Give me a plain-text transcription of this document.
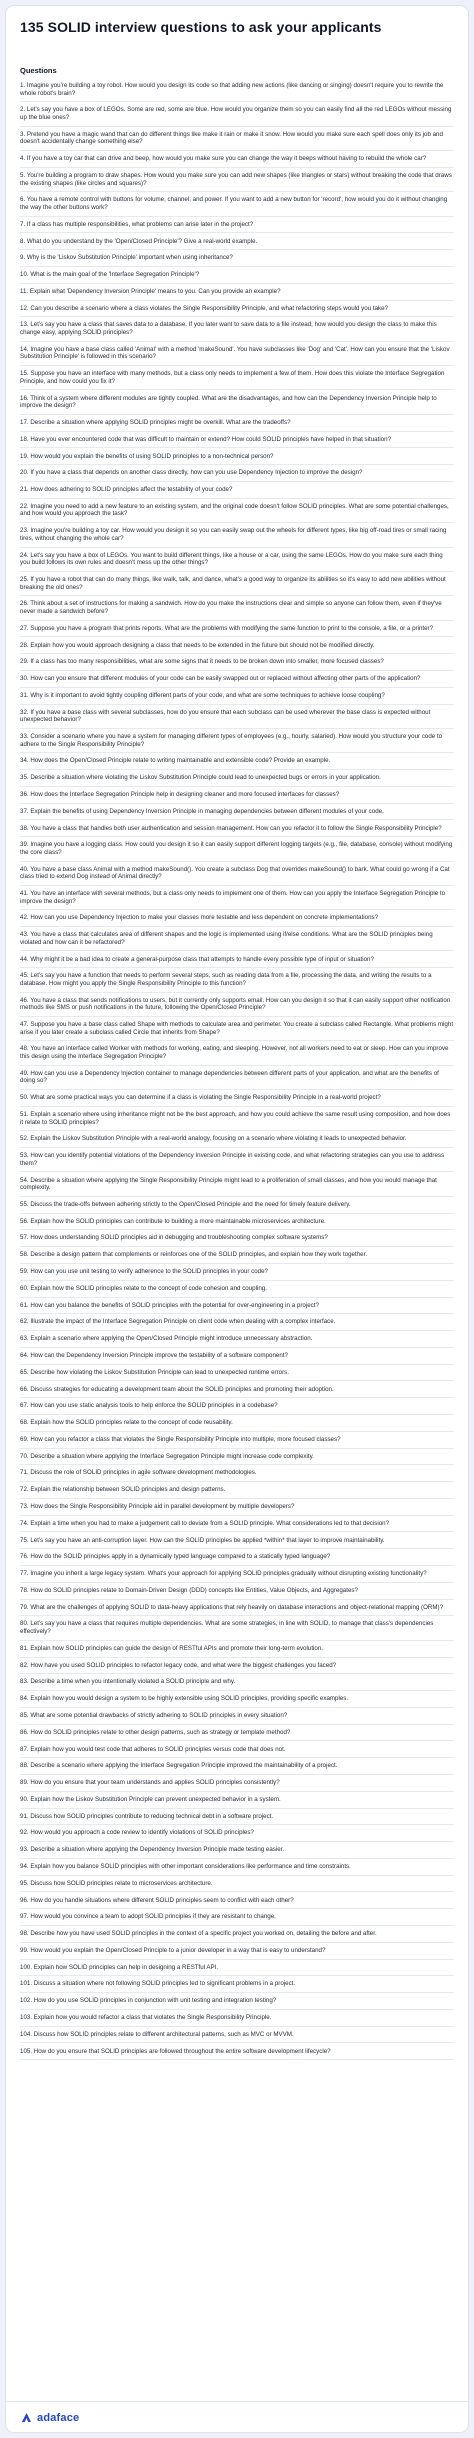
135 SOLID interview questions to ask your applicants
Questions
1. Imagine you're building a toy robot. How would you design its code so that adding new actions (like dancing or singing) doesn't require you to rewrite the whole robot's brain?
2. Let's say you have a box of LEGOs. Some are red, some are blue. How would you organize them so you can easily find all the red LEGOs without messing up the blue ones?
3. Pretend you have a magic wand that can do different things like make it rain or make it snow. How would you make sure each spell does only its job and doesn't accidentally change something else?
4. If you have a toy car that can drive and beep, how would you make sure you can change the way it beeps without having to rebuild the whole car?
5. You're building a program to draw shapes. How would you make sure you can add new shapes (like triangles or stars) without breaking the code that draws the existing shapes (like circles and squares)?
6. You have a remote control with buttons for volume, channel, and power. If you want to add a new button for 'record', how would you do it without changing the way the other buttons work?
7. If a class has multiple responsibilities, what problems can arise later in the project?
8. What do you understand by the 'Open/Closed Principle'? Give a real-world example.
9. Why is the 'Liskov Substitution Principle' important when using inheritance?
10. What is the main goal of the 'Interface Segregation Principle'?
11. Explain what 'Dependency Inversion Principle' means to you. Can you provide an example?
12. Can you describe a scenario where a class violates the Single Responsibility Principle, and what refactoring steps would you take?
13. Let's say you have a class that saves data to a database. If you later want to save data to a file instead, how would you design the class to make this change easy, applying SOLID principles?
14. Imagine you have a base class called 'Animal' with a method 'makeSound'. You have subclasses like 'Dog' and 'Cat'. How can you ensure that the 'Liskov Substitution Principle' is followed in this scenario?
15. Suppose you have an interface with many methods, but a class only needs to implement a few of them. How does this violate the Interface Segregation Principle, and how could you fix it?
16. Think of a system where different modules are tightly coupled. What are the disadvantages, and how can the Dependency Inversion Principle help to improve the design?
17. Describe a situation where applying SOLID principles might be overkill. What are the tradeoffs?
18. Have you ever encountered code that was difficult to maintain or extend? How could SOLID principles have helped in that situation?
19. How would you explain the benefits of using SOLID principles to a non-technical person?
20. If you have a class that depends on another class directly, how can you use Dependency Injection to improve the design?
21. How does adhering to SOLID principles affect the testability of your code?
22. Imagine you need to add a new feature to an existing system, and the original code doesn't follow SOLID principles. What are some potential challenges, and how would you approach the task?
23. Imagine you're building a toy car. How would you design it so you can easily swap out the wheels for different types, like big off-road tires or small racing tires, without changing the whole car?
24. Let's say you have a box of LEGOs. You want to build different things, like a house or a car, using the same LEGOs. How do you make sure each thing you build follows its own rules and doesn't mess up the other things?
25. If you have a robot that can do many things, like walk, talk, and dance, what's a good way to organize its abilities so it's easy to add new abilities without breaking the old ones?
26. Think about a set of instructions for making a sandwich. How do you make the instructions clear and simple so anyone can follow them, even if they've never made a sandwich before?
27. Suppose you have a program that prints reports. What are the problems with modifying the same function to print to the console, a file, or a printer?
28. Explain how you would approach designing a class that needs to be extended in the future but should not be modified directly.
29. If a class has too many responsibilities, what are some signs that it needs to be broken down into smaller, more focused classes?
30. How can you ensure that different modules of your code can be easily swapped out or replaced without affecting other parts of the application?
31. Why is it important to avoid tightly coupling different parts of your code, and what are some techniques to achieve loose coupling?
32. If you have a base class with several subclasses, how do you ensure that each subclass can be used wherever the base class is expected without unexpected behavior?
33. Consider a scenario where you have a system for managing different types of employees (e.g., hourly, salaried). How would you structure your code to adhere to the Single Responsibility Principle?
34. How does the Open/Closed Principle relate to writing maintainable and extensible code? Provide an example.
35. Describe a situation where violating the Liskov Substitution Principle could lead to unexpected bugs or errors in your application.
36. How does the Interface Segregation Principle help in designing cleaner and more focused interfaces for classes?
37. Explain the benefits of using Dependency Inversion Principle in managing dependencies between different modules of your code.
38. You have a class that handles both user authentication and session management. How can you refactor it to follow the Single Responsibility Principle?
39. Imagine you have a logging class. How could you design it so it can easily support different logging targets (e.g., file, database, console) without modifying the core class?
40. You have a base class Animal with a method makeSound(). You create a subclass Dog that overrides makeSound() to bark. What could go wrong if a Cat class tried to extend Dog instead of Animal directly?
41. You have an interface with several methods, but a class only needs to implement one of them. How can you apply the Interface Segregation Principle to improve the design?
42. How can you use Dependency Injection to make your classes more testable and less dependent on concrete implementations?
43. You have a class that calculates area of different shapes and the logic is implemented using if/else conditions. What are the SOLID principles being violated and how can it be refactored?
44. Why might it be a bad idea to create a general-purpose class that attempts to handle every possible type of input or situation?
45. Let's say you have a function that needs to perform several steps, such as reading data from a file, processing the data, and writing the results to a database. How might you apply the Single Responsibility Principle to this function?
46. You have a class that sends notifications to users, but it currently only supports email. How can you design it so that it can easily support other notification methods like SMS or push notifications in the future, following the Open/Closed Principle?
47. Suppose you have a base class called Shape with methods to calculate area and perimeter. You create a subclass called Rectangle. What problems might arise if you later create a subclass called Circle that inherits from Shape?
48. You have an interface called Worker with methods for working, eating, and sleeping. However, not all workers need to eat or sleep. How can you improve this design using the Interface Segregation Principle?
49. How can you use a Dependency Injection container to manage dependencies between different parts of your application, and what are the benefits of doing so?
50. What are some practical ways you can determine if a class is violating the Single Responsibility Principle in a real-world project?
51. Explain a scenario where using inheritance might not be the best approach, and how you could achieve the same result using composition, and how does it relate to SOLID principles?
52. Explain the Liskov Substitution Principle with a real-world analogy, focusing on a scenario where violating it leads to unexpected behavior.
53. How can you identify potential violations of the Dependency Inversion Principle in existing code, and what refactoring strategies can you use to address them?
54. Describe a situation where applying the Single Responsibility Principle might lead to a proliferation of small classes, and how you would manage that complexity.
55. Discuss the trade-offs between adhering strictly to the Open/Closed Principle and the need for timely feature delivery.
56. Explain how the SOLID principles can contribute to building a more maintainable microservices architecture.
57. How does understanding SOLID principles aid in debugging and troubleshooting complex software systems?
58. Describe a design pattern that complements or reinforces one of the SOLID principles, and explain how they work together.
59. How can you use unit testing to verify adherence to the SOLID principles in your code?
60. Explain how the SOLID principles relate to the concept of code cohesion and coupling.
61. How can you balance the benefits of SOLID principles with the potential for over-engineering in a project?
62. Illustrate the impact of the Interface Segregation Principle on client code when dealing with a complex interface.
63. Explain a scenario where applying the Open/Closed Principle might introduce unnecessary abstraction.
64. How can the Dependency Inversion Principle improve the testability of a software component?
65. Describe how violating the Liskov Substitution Principle can lead to unexpected runtime errors.
66. Discuss strategies for educating a development team about the SOLID principles and promoting their adoption.
67. How can you use static analysis tools to help enforce the SOLID principles in a codebase?
68. Explain how the SOLID principles relate to the concept of code reusability.
69. How can you refactor a class that violates the Single Responsibility Principle into multiple, more focused classes?
70. Describe a situation where applying the Interface Segregation Principle might increase code complexity.
71. Discuss the role of SOLID principles in agile software development methodologies.
72. Explain the relationship between SOLID principles and design patterns.
73. How does the Single Responsibility Principle aid in parallel development by multiple developers?
74. Explain a time when you had to make a judgement call to deviate from a SOLID principle. What considerations led to that decision?
75. Let's say you have an anti-corruption layer. How can the SOLID principles be applied *within* that layer to improve maintainability.
76. How do the SOLID principles apply in a dynamically typed language compared to a statically typed language?
77. Imagine you inherit a large legacy system. What's your approach for applying SOLID principles gradually without disrupting existing functionality?
78. How do SOLID principles relate to Domain-Driven Design (DDD) concepts like Entities, Value Objects, and Aggregates?
79. What are the challenges of applying SOLID to data-heavy applications that rely heavily on database interactions and object-relational mapping (ORM)?
80. Let's say you have a class that requires multiple dependencies. What are some strategies, in line with SOLID, to manage that class's dependencies effectively?
81. Explain how SOLID principles can guide the design of RESTful APIs and promote their long-term evolution.
82. How have you used SOLID principles to refactor legacy code, and what were the biggest challenges you faced?
83. Describe a time when you intentionally violated a SOLID principle and why.
84. Explain how you would design a system to be highly extensible using SOLID principles, providing specific examples.
85. What are some potential drawbacks of strictly adhering to SOLID principles in every situation?
86. How do SOLID principles relate to other design patterns, such as strategy or template method?
87. Explain how you would test code that adheres to SOLID principles versus code that does not.
88. Describe a scenario where applying the Interface Segregation Principle improved the maintainability of a project.
89. How do you ensure that your team understands and applies SOLID principles consistently?
90. Explain how the Liskov Substitution Principle can prevent unexpected behavior in a system.
91. Discuss how SOLID principles contribute to reducing technical debt in a software project.
92. How would you approach a code review to identify violations of SOLID principles?
93. Describe a situation where applying the Dependency Inversion Principle made testing easier.
94. Explain how you balance SOLID principles with other important considerations like performance and time constraints.
95. Discuss how SOLID principles relate to microservices architecture.
96. How do you handle situations where different SOLID principles seem to conflict with each other?
97. How would you convince a team to adopt SOLID principles if they are resistant to change.
98. Describe how you have used SOLID principles in the context of a specific project you worked on, detailing the before and after.
99. How would you explain the Open/Closed Principle to a junior developer in a way that is easy to understand?
100. Explain how SOLID principles can help in designing a RESTful API.
101. Discuss a situation where not following SOLID principles led to significant problems in a project.
102. How do you use SOLID principles in conjunction with unit testing and integration testing?
103. Explain how you would refactor a class that violates the Single Responsibility Principle.
104. Discuss how SOLID principles relate to different architectural patterns, such as MVC or MVVM.
105. How do you ensure that SOLID principles are followed throughout the entire software development lifecycle?
adaface
